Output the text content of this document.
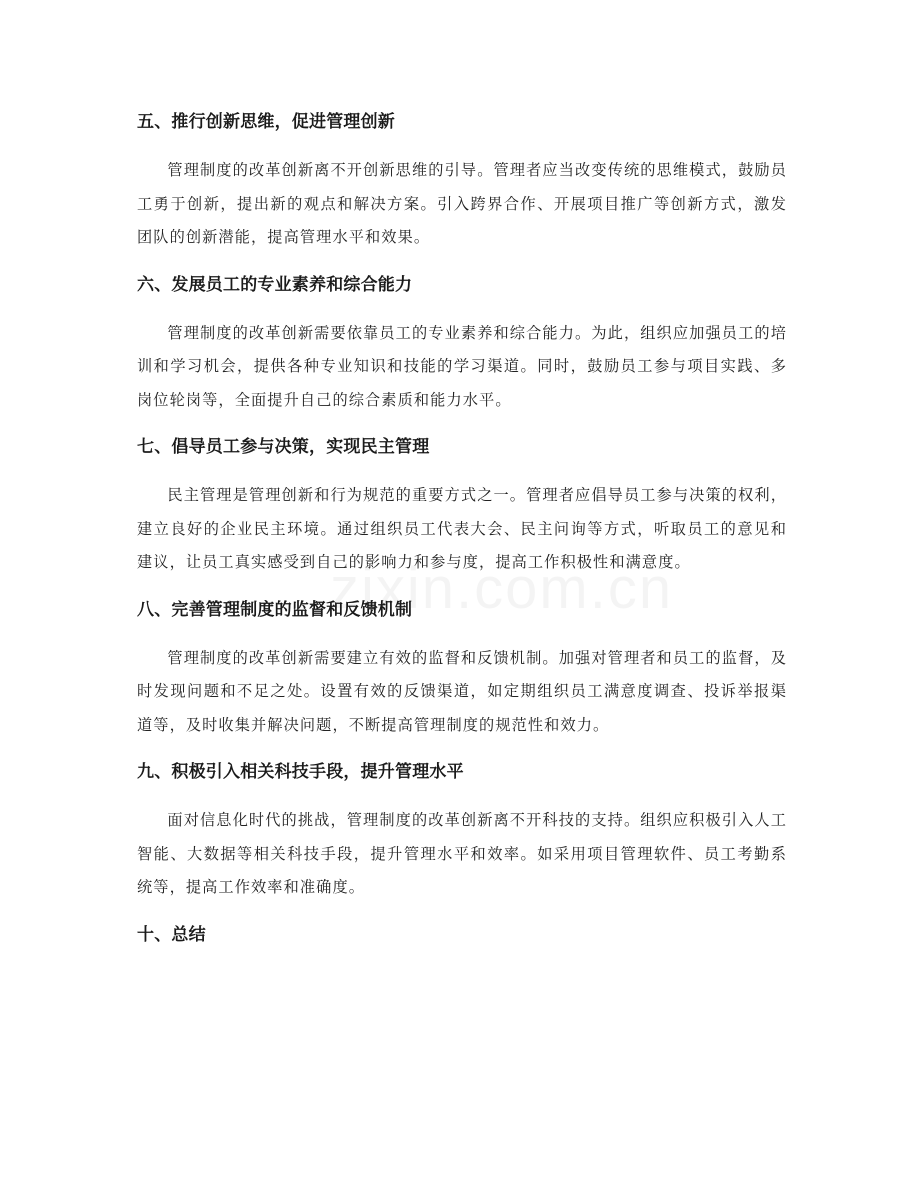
五、推行创新思维，促进管理创新

管理制度的改革创新离不开创新思维的引导。管理者应当改变传统的思维模式，鼓励员工勇于创新，提出新的观点和解决方案。引入跨界合作、开展项目推广等创新方式，激发团队的创新潜能，提高管理水平和效果。

六、发展员工的专业素养和综合能力

管理制度的改革创新需要依靠员工的专业素养和综合能力。为此，组织应加强员工的培训和学习机会，提供各种专业知识和技能的学习渠道。同时，鼓励员工参与项目实践、多岗位轮岗等，全面提升自己的综合素质和能力水平。

七、倡导员工参与决策，实现民主管理

民主管理是管理创新和行为规范的重要方式之一。管理者应倡导员工参与决策的权利，建立良好的企业民主环境。通过组织员工代表大会、民主问询等方式，听取员工的意见和建议，让员工真实感受到自己的影响力和参与度，提高工作积极性和满意度。

八、完善管理制度的监督和反馈机制

管理制度的改革创新需要建立有效的监督和反馈机制。加强对管理者和员工的监督，及时发现问题和不足之处。设置有效的反馈渠道，如定期组织员工满意度调查、投诉举报渠道等，及时收集并解决问题，不断提高管理制度的规范性和效力。

九、积极引入相关科技手段，提升管理水平

面对信息化时代的挑战，管理制度的改革创新离不开科技的支持。组织应积极引入人工智能、大数据等相关科技手段，提升管理水平和效率。如采用项目管理软件、员工考勤系统等，提高工作效率和准确度。

十、总结
